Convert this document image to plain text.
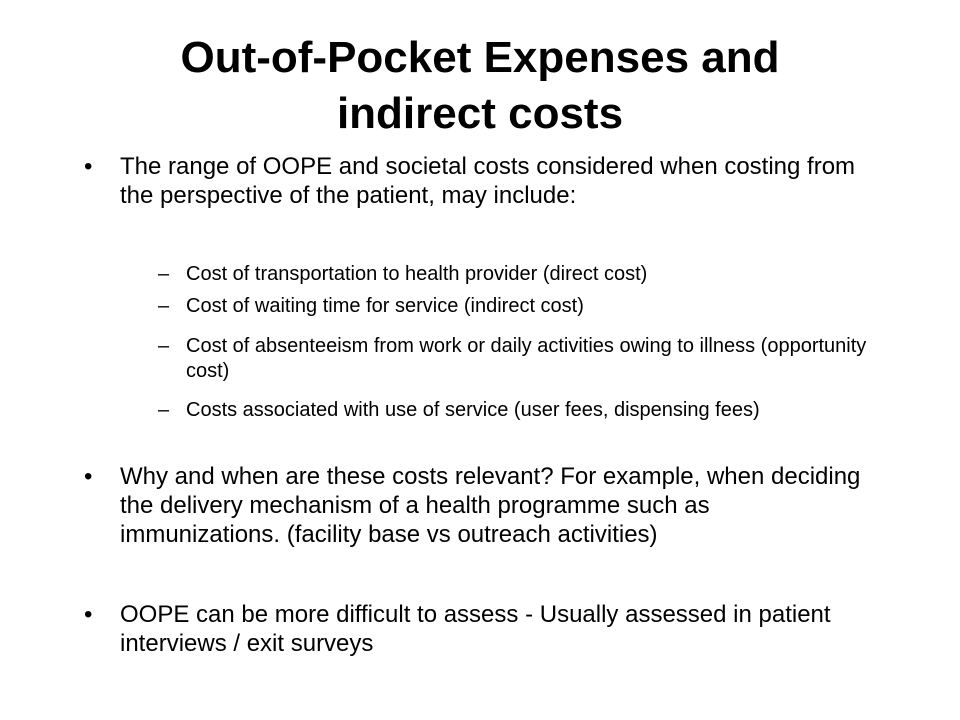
Out-of-Pocket Expenses and
indirect costs
• The range of OOPE and societal costs considered when costing from the perspective of the patient, may include:
– Cost of transportation to health provider (direct cost)
– Cost of waiting time for service (indirect cost)
– Cost of absenteeism from work or daily activities owing to illness (opportunity cost)
– Costs associated with use of service (user fees, dispensing fees)
• Why and when are these costs relevant? For example, when deciding the delivery mechanism of a health programme such as immunizations. (facility base vs outreach activities)
• OOPE can be more difficult to assess - Usually assessed in patient interviews / exit surveys
